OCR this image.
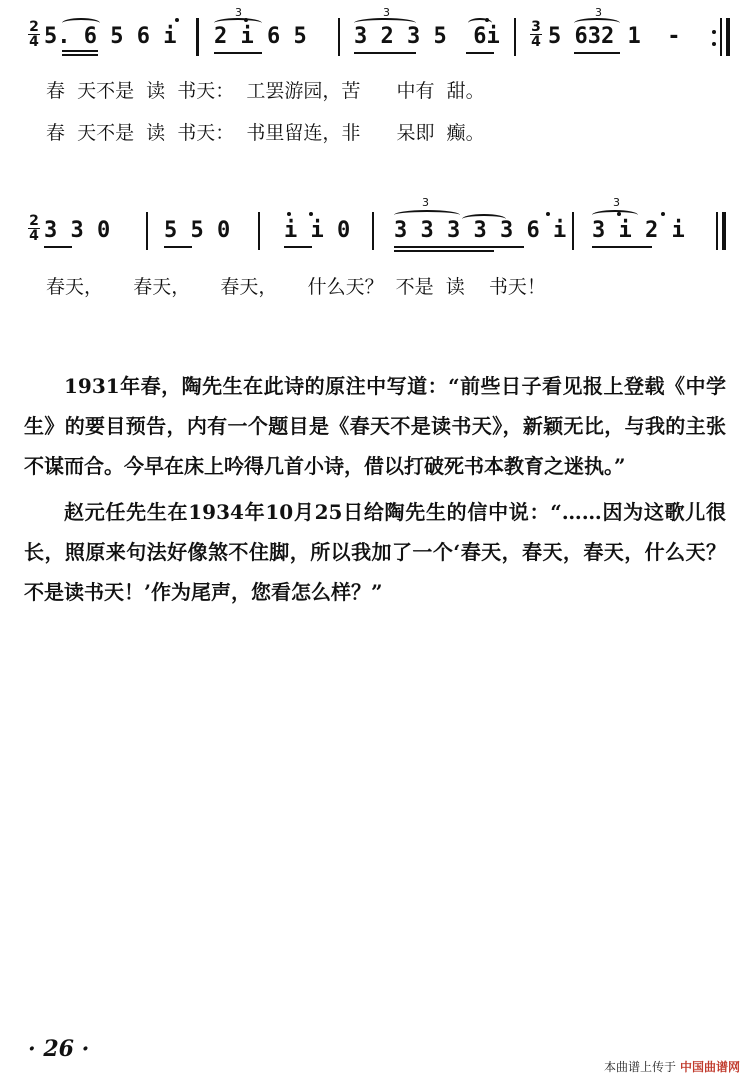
$\frac{2}{4} 5$. 6 5 6 i 2 i 6 5
3
3 2 3 5  6i
3
$\frac{3}{4} 5$ 632 1  -
3
春  天不是  读  书天：  工罢游园，苦      中有  甜。
春  天不是  读  书天：  书里留连，非      呆即  癫。
$\frac{2}{4} 3$ 3 0 5 5 0 i i 0 3 3 3 3 3 6 i
3
3 i 2 i
3
春天，     春天，     春天，     什么天？  不是  读    书天！

1931年春，陶先生在此诗的原注中写道：“前些日子看见报上登载《中学生》的要目预告，内有一个题目是《春天不是读书天》，新颖无比，与我的主张不谋而合。今早在床上吟得几首小诗，借以打破死书本教育之迷执。”

赵元任先生在1934年10月25日给陶先生的信中说：“……因为这歌儿很长，照原来句法好像煞不住脚，所以我加了一个‘春天，春天，春天，什么天？不是读书天！’作为尾声，您看怎么样？”

· 26 ·
本曲谱上传于 中国曲谱网
